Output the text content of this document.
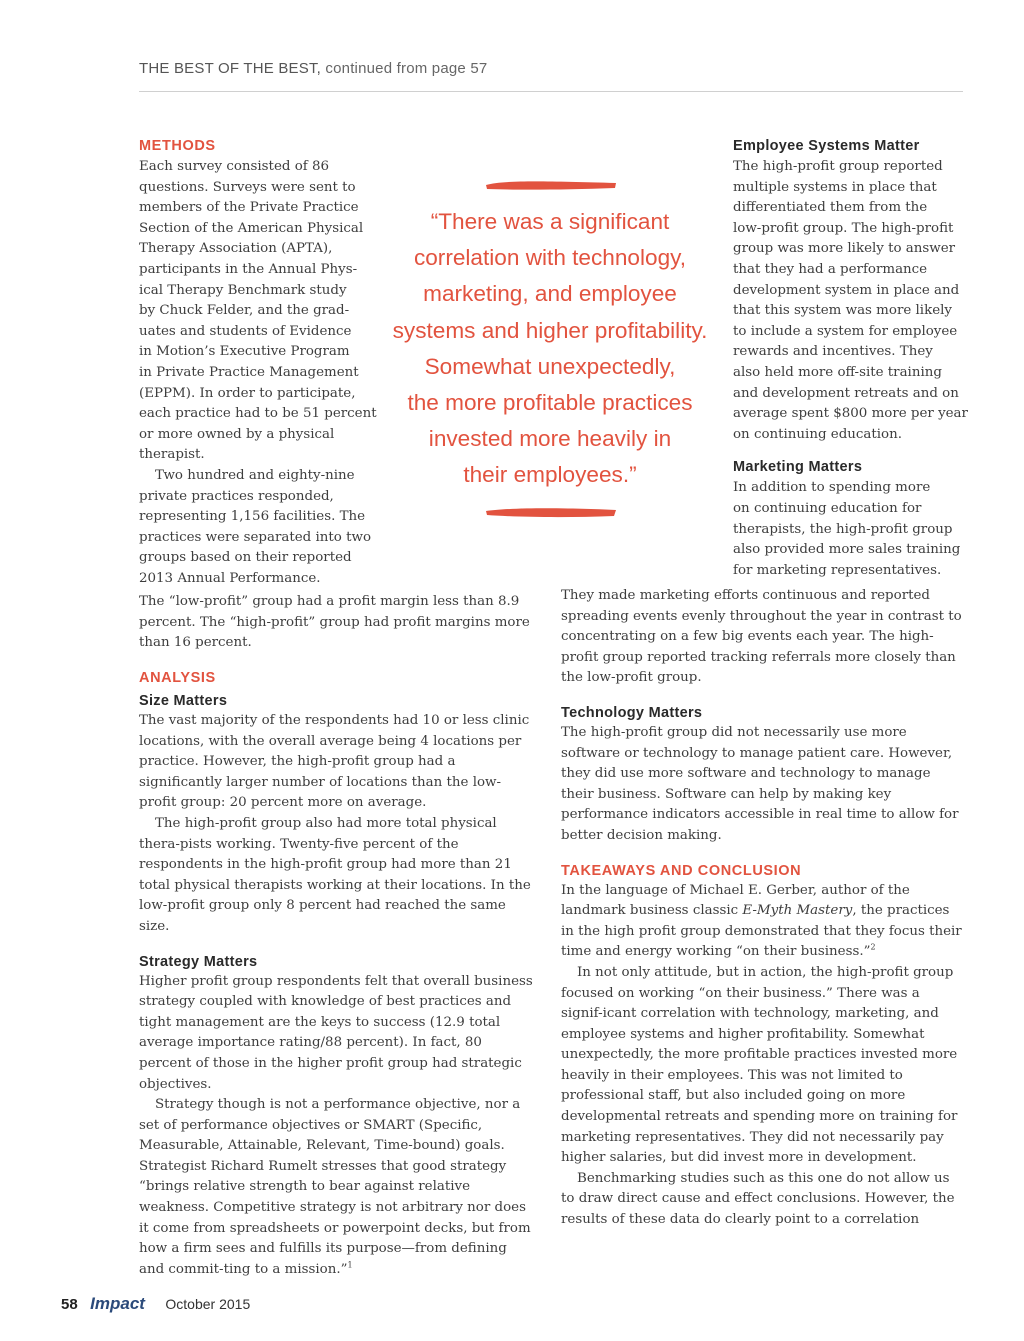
THE BEST OF THE BEST, continued from page 57
METHODS
Each survey consisted of 86
questions. Surveys were sent to
members of the Private Practice
Section of the American Physical
Therapy Association (APTA),
participants in the Annual Phys-
ical Therapy Benchmark study
by Chuck Felder, and the grad-
uates and students of Evidence
in Motion’s Executive Program
in Private Practice Management
(EPPM). In order to participate,
each practice had to be 51 percent
or more owned by a physical
therapist.
Two hundred and eighty-nine
private practices responded,
representing 1,156 facilities. The
practices were separated into two
groups based on their reported
2013 Annual Performance.

The “low-profit” group had a profit margin less than 8.9 percent. The “high-profit” group had profit margins more than 16 percent.

“There was a significant
correlation with technology,
marketing, and employee
systems and higher profitability.
Somewhat unexpectedly,
the more profitable practices
invested more heavily in
their employees.”
ANALYSIS
Size Matters

The vast majority of the respondents had 10 or less clinic locations, with the overall average being 4 locations per practice. However, the high-profit group had a significantly larger number of locations than the low-profit group: 20 percent more on average.

The high-profit group also had more total physical thera-pists working. Twenty-five percent of the respondents in the high-profit group had more than 21 total physical therapists working at their locations. In the low-profit group only 8 percent had reached the same size.

Strategy Matters

Higher profit group respondents felt that overall business strategy coupled with knowledge of best practices and tight management are the keys to success (12.9 total average importance rating/88 percent). In fact, 80 percent of those in the higher profit group had strategic objectives.

Strategy though is not a performance objective, nor a set of performance objectives or SMART (Specific, Measurable, Attainable, Relevant, Time-bound) goals. Strategist Richard Rumelt stresses that good strategy “brings relative strength to bear against relative weakness. Competitive strategy is not arbitrary nor does it come from spreadsheets or powerpoint decks, but from how a firm sees and fulfills its purpose—from defining and commit-ting to a mission.”$^1$

Employee Systems Matter
The high-profit group reported
multiple systems in place that
differentiated them from the
low-profit group. The high-profit
group was more likely to answer
that they had a performance
development system in place and
that this system was more likely
to include a system for employee
rewards and incentives. They
also held more off-site training
and development retreats and on
average spent $800 more per year
on continuing education.
Marketing Matters
In addition to spending more
on continuing education for
therapists, the high-profit group
also provided more sales training
for marketing representatives.

They made marketing efforts continuous and reported spreading events evenly throughout the year in contrast to concentrating on a few big events each year. The high-profit group reported tracking referrals more closely than the low-profit group.

Technology Matters

The high-profit group did not necessarily use more software or technology to manage patient care. However, they did use more software and technology to manage their business. Software can help by making key performance indicators accessible in real time to allow for better decision making.

TAKEAWAYS AND CONCLUSION

In the language of Michael E. Gerber, author of the landmark business classic E-Myth Mastery, the practices in the high profit group demonstrated that they focus their time and energy working “on their business.”$^2$

In not only attitude, but in action, the high-profit group focused on working “on their business.” There was a signif-icant correlation with technology, marketing, and employee systems and higher profitability. Somewhat unexpectedly, the more profitable practices invested more heavily in their employees. This was not limited to professional staff, but also included going on more developmental retreats and spending more on training for marketing representatives. They did not necessarily pay higher salaries, but did invest more in development.

Benchmarking studies such as this one do not allow us to draw direct cause and effect conclusions. However, the results of these data do clearly point to a correlation

58 Impact October 2015
